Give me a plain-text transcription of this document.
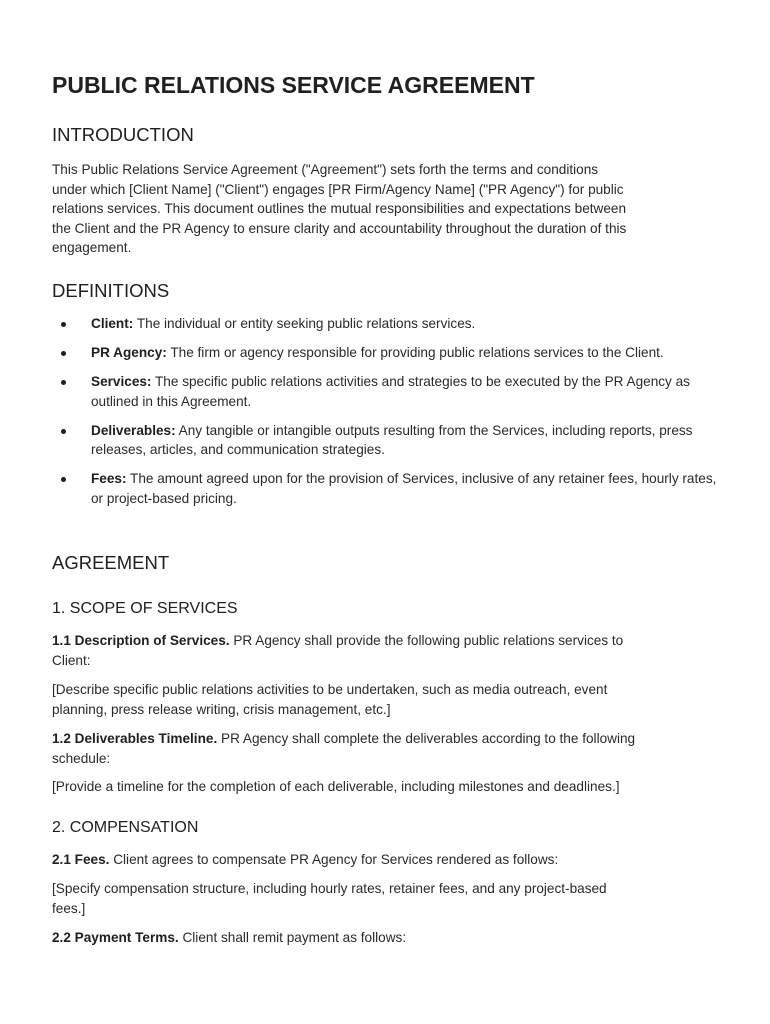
PUBLIC RELATIONS SERVICE AGREEMENT
INTRODUCTION

This Public Relations Service Agreement ("Agreement") sets forth the terms and conditions
under which [Client Name] ("Client") engages [PR Firm/Agency Name] ("PR Agency") for public
relations services. This document outlines the mutual responsibilities and expectations between
the Client and the PR Agency to ensure clarity and accountability throughout the duration of this
engagement.

DEFINITIONS
Client: The individual or entity seeking public relations services.
PR Agency: The firm or agency responsible for providing public relations services to the Client.
Services: The specific public relations activities and strategies to be executed by the PR Agency as outlined in this Agreement.
Deliverables: Any tangible or intangible outputs resulting from the Services, including reports, press releases, articles, and communication strategies.
Fees: The amount agreed upon for the provision of Services, inclusive of any retainer fees, hourly rates, or project-based pricing.
AGREEMENT
1. SCOPE OF SERVICES

1.1 Description of Services. PR Agency shall provide the following public relations services to
Client:

[Describe specific public relations activities to be undertaken, such as media outreach, event
planning, press release writing, crisis management, etc.]

1.2 Deliverables Timeline. PR Agency shall complete the deliverables according to the following
schedule:

[Provide a timeline for the completion of each deliverable, including milestones and deadlines.]

2. COMPENSATION

2.1 Fees. Client agrees to compensate PR Agency for Services rendered as follows:

[Specify compensation structure, including hourly rates, retainer fees, and any project-based
fees.]

2.2 Payment Terms. Client shall remit payment as follows:
